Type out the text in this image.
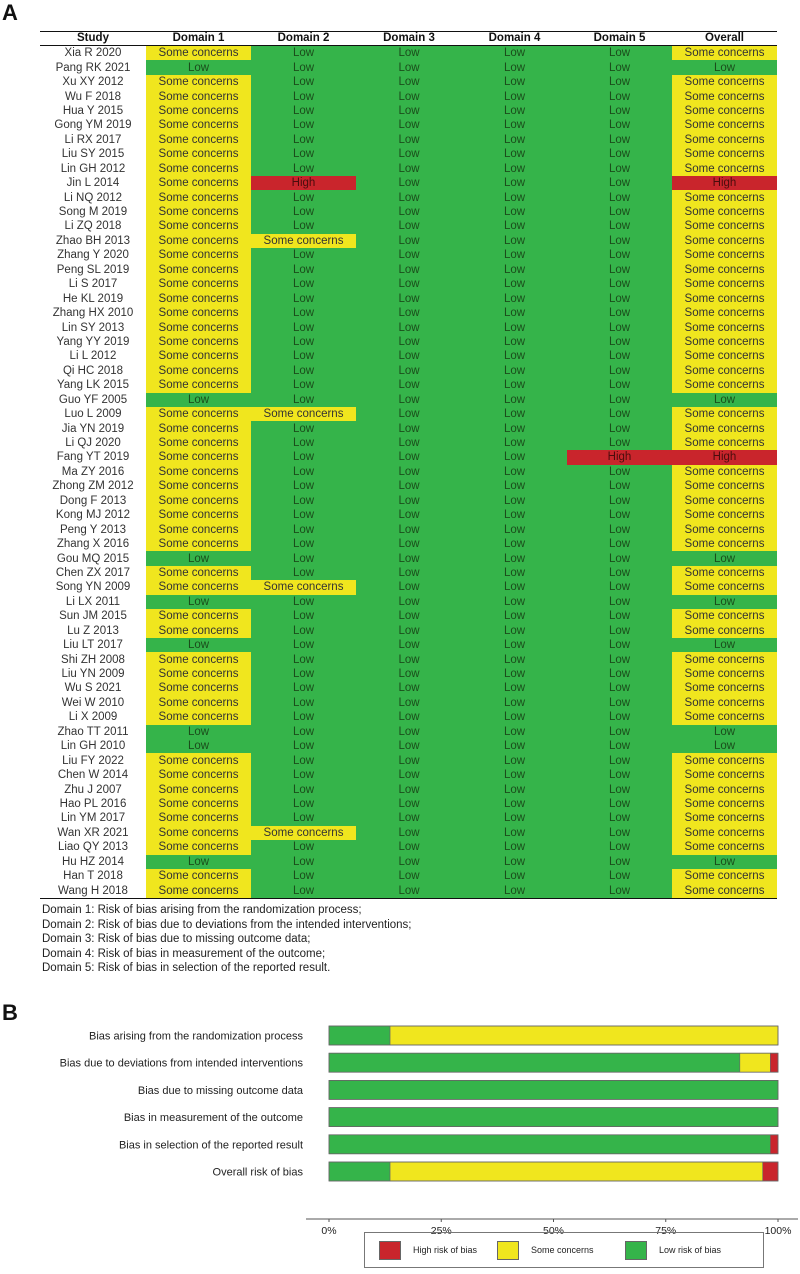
A
Study	Domain 1	Domain 2	Domain 3	Domain 4	Domain 5	Overall
Xia R 2020	Some concerns	Low	Low	Low	Low	Some concerns
Pang RK 2021	Low	Low	Low	Low	Low	Low
Xu XY 2012	Some concerns	Low	Low	Low	Low	Some concerns
Wu F 2018	Some concerns	Low	Low	Low	Low	Some concerns
Hua Y 2015	Some concerns	Low	Low	Low	Low	Some concerns
Gong YM 2019	Some concerns	Low	Low	Low	Low	Some concerns
Li RX 2017	Some concerns	Low	Low	Low	Low	Some concerns
Liu SY 2015	Some concerns	Low	Low	Low	Low	Some concerns
Lin GH 2012	Some concerns	Low	Low	Low	Low	Some concerns
Jin L 2014	Some concerns	High	Low	Low	Low	High
Li NQ 2012	Some concerns	Low	Low	Low	Low	Some concerns
Song M 2019	Some concerns	Low	Low	Low	Low	Some concerns
Li ZQ 2018	Some concerns	Low	Low	Low	Low	Some concerns
Zhao BH 2013	Some concerns	Some concerns	Low	Low	Low	Some concerns
Zhang Y 2020	Some concerns	Low	Low	Low	Low	Some concerns
Peng SL 2019	Some concerns	Low	Low	Low	Low	Some concerns
Li S 2017	Some concerns	Low	Low	Low	Low	Some concerns
He KL 2019	Some concerns	Low	Low	Low	Low	Some concerns
Zhang HX 2010	Some concerns	Low	Low	Low	Low	Some concerns
Lin SY 2013	Some concerns	Low	Low	Low	Low	Some concerns
Yang YY 2019	Some concerns	Low	Low	Low	Low	Some concerns
Li L 2012	Some concerns	Low	Low	Low	Low	Some concerns
Qi HC 2018	Some concerns	Low	Low	Low	Low	Some concerns
Yang LK 2015	Some concerns	Low	Low	Low	Low	Some concerns
Guo YF 2005	Low	Low	Low	Low	Low	Low
Luo L 2009	Some concerns	Some concerns	Low	Low	Low	Some concerns
Jia YN 2019	Some concerns	Low	Low	Low	Low	Some concerns
Li QJ 2020	Some concerns	Low	Low	Low	Low	Some concerns
Fang YT 2019	Some concerns	Low	Low	Low	High	High
Ma ZY 2016	Some concerns	Low	Low	Low	Low	Some concerns
Zhong ZM 2012	Some concerns	Low	Low	Low	Low	Some concerns
Dong F 2013	Some concerns	Low	Low	Low	Low	Some concerns
Kong MJ 2012	Some concerns	Low	Low	Low	Low	Some concerns
Peng Y 2013	Some concerns	Low	Low	Low	Low	Some concerns
Zhang X 2016	Some concerns	Low	Low	Low	Low	Some concerns
Gou MQ 2015	Low	Low	Low	Low	Low	Low
Chen ZX 2017	Some concerns	Low	Low	Low	Low	Some concerns
Song YN 2009	Some concerns	Some concerns	Low	Low	Low	Some concerns
Li LX 2011	Low	Low	Low	Low	Low	Low
Sun JM 2015	Some concerns	Low	Low	Low	Low	Some concerns
Lu Z 2013	Some concerns	Low	Low	Low	Low	Some concerns
Liu LT 2017	Low	Low	Low	Low	Low	Low
Shi ZH 2008	Some concerns	Low	Low	Low	Low	Some concerns
Liu YN 2009	Some concerns	Low	Low	Low	Low	Some concerns
Wu S 2021	Some concerns	Low	Low	Low	Low	Some concerns
Wei W 2010	Some concerns	Low	Low	Low	Low	Some concerns
Li X 2009	Some concerns	Low	Low	Low	Low	Some concerns
Zhao TT 2011	Low	Low	Low	Low	Low	Low
Lin GH 2010	Low	Low	Low	Low	Low	Low
Liu FY 2022	Some concerns	Low	Low	Low	Low	Some concerns
Chen W 2014	Some concerns	Low	Low	Low	Low	Some concerns
Zhu J 2007	Some concerns	Low	Low	Low	Low	Some concerns
Hao PL 2016	Some concerns	Low	Low	Low	Low	Some concerns
Lin YM 2017	Some concerns	Low	Low	Low	Low	Some concerns
Wan XR 2021	Some concerns	Some concerns	Low	Low	Low	Some concerns
Liao QY 2013	Some concerns	Low	Low	Low	Low	Some concerns
Hu HZ 2014	Low	Low	Low	Low	Low	Low
Han T 2018	Some concerns	Low	Low	Low	Low	Some concerns
Wang H 2018	Some concerns	Low	Low	Low	Low	Some concerns
Domain 1: Risk of bias arising from the randomization process;
Domain 2: Risk of bias due to deviations from the intended interventions;
Domain 3: Risk of bias due to missing outcome data;
Domain 4: Risk of bias in measurement of the outcome;
Domain 5: Risk of bias in selection of the reported result.
B
Bias arising from the randomization process
Bias due to deviations from intended interventions
Bias due to missing outcome data
Bias in measurement of the outcome
Bias in selection of the reported result
Overall risk of bias
0%	25%	50%	75%	100%
High risk of bias	Some concerns	Low risk of bias
